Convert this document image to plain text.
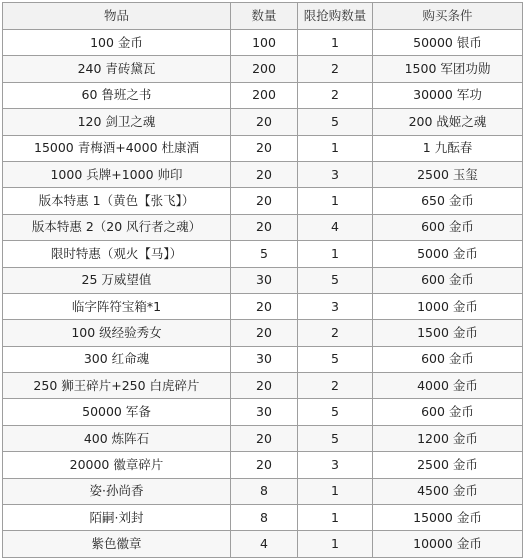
物品	数量	限抢购数量	购买条件
100 金币	100	1	50000 银币
240 青砖黛瓦	200	2	1500 军团功勋
60 鲁班之书	200	2	30000 军功
120 剑卫之魂	20	5	200 战姬之魂
15000 青梅酒+4000 杜康酒	20	1	1 九酝春
1000 兵牌+1000 帅印	20	3	2500 玉玺
版本特惠 1（黄色【张飞】）	20	1	650 金币
版本特惠 2（20 风行者之魂）	20	4	600 金币
限时特惠（观火【马】）	5	1	5000 金币
25 万威望值	30	5	600 金币
临字阵符宝箱*1	20	3	1000 金币
100 级经验秀女	20	2	1500 金币
300 红命魂	30	5	600 金币
250 狮王碎片+250 白虎碎片	20	2	4000 金币
50000 军备	30	5	600 金币
400 炼阵石	20	5	1200 金币
20000 徽章碎片	20	3	2500 金币
姿·孙尚香	8	1	4500 金币
陌嗣·刘封	8	1	15000 金币
紫色徽章	4	1	10000 金币
